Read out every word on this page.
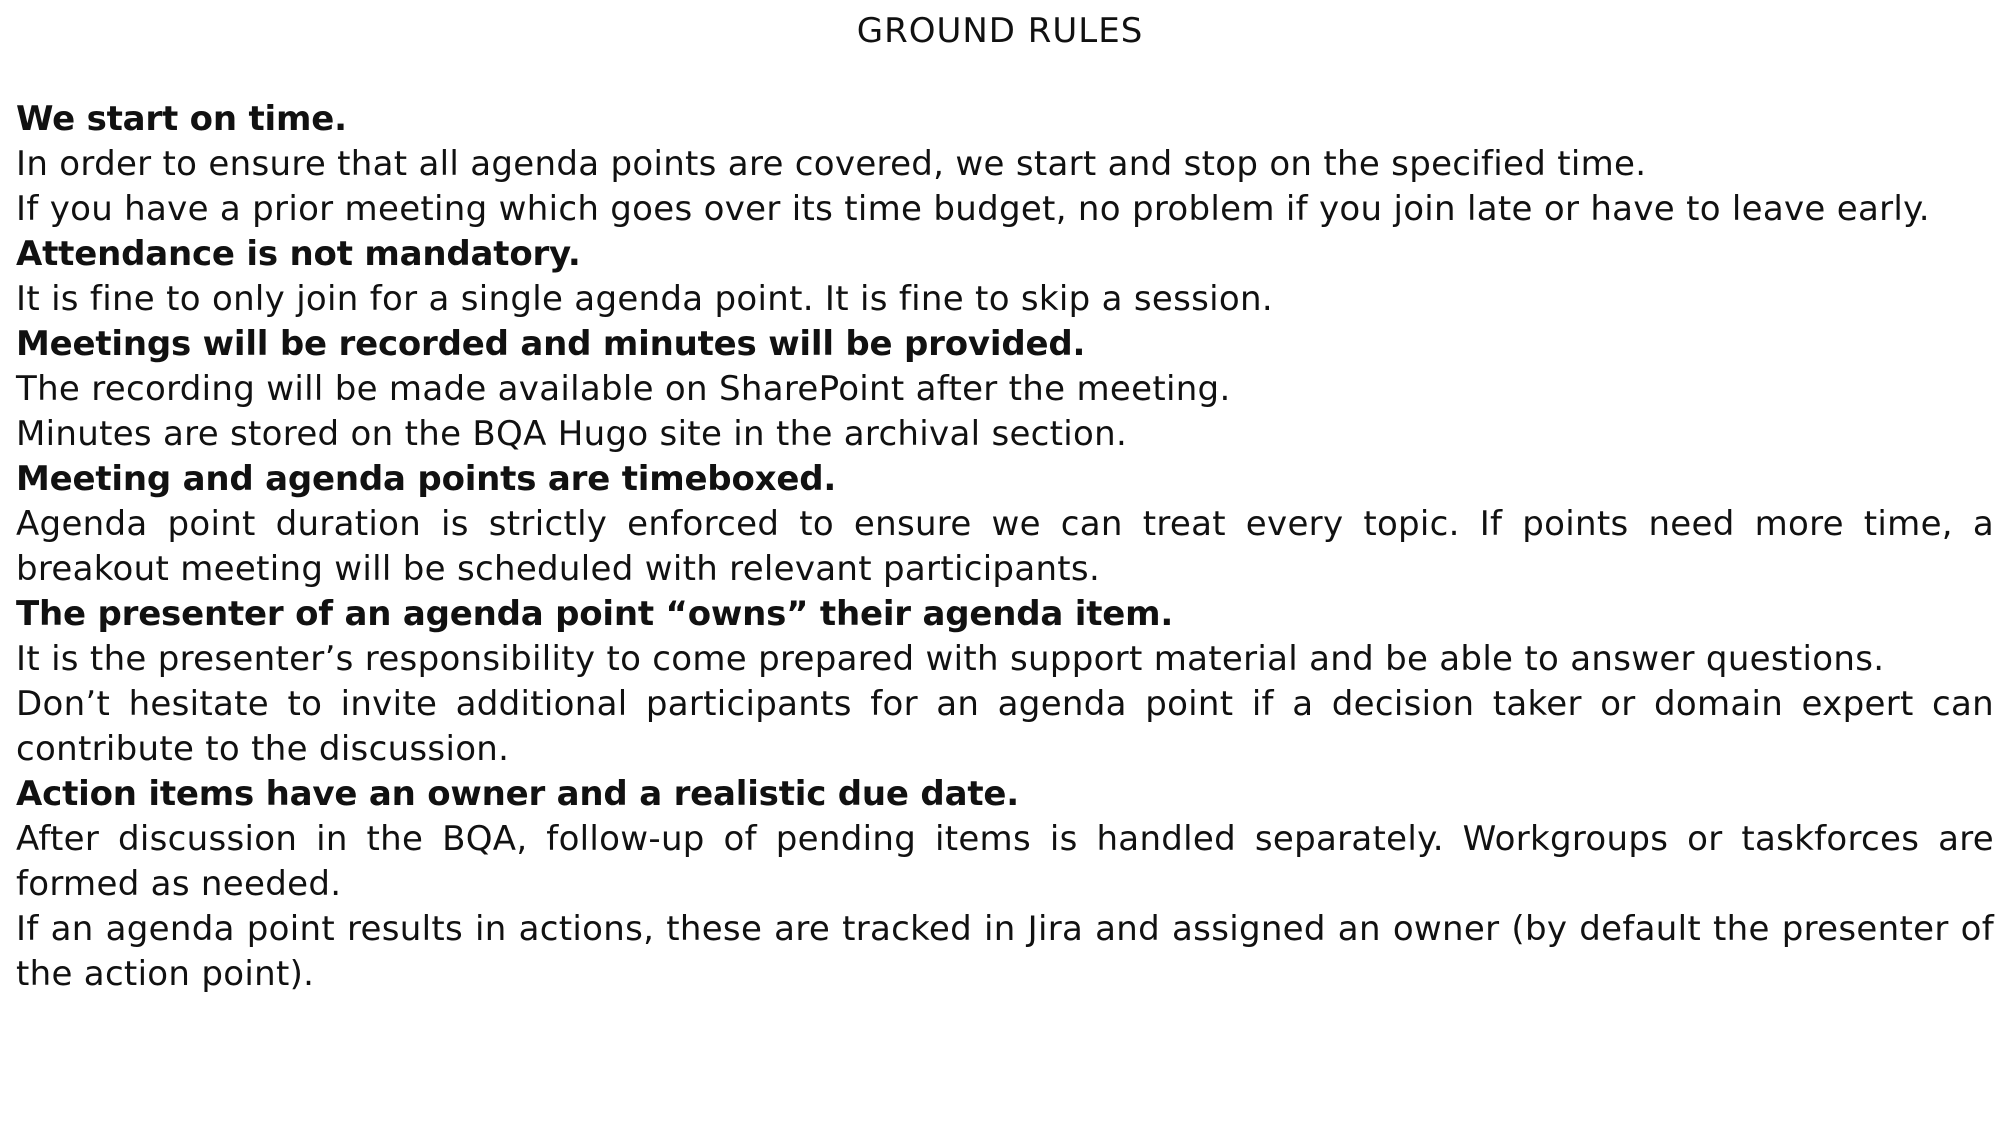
GROUND RULES

We start on time.

In order to ensure that all agenda points are covered, we start and stop on the specified time.

If you have a prior meeting which goes over its time budget, no problem if you join late or have to leave early.

Attendance is not mandatory.

It is fine to only join for a single agenda point. It is fine to skip a session.

Meetings will be recorded and minutes will be provided.

The recording will be made available on SharePoint after the meeting.

Minutes are stored on the BQA Hugo site in the archival section.

Meeting and agenda points are timeboxed.

Agenda point duration is strictly enforced to ensure we can treat every topic. If points need more time, a breakout meeting will be scheduled with relevant participants.

The presenter of an agenda point “owns” their agenda item.

It is the presenter’s responsibility to come prepared with support material and be able to answer questions.

Don’t hesitate to invite additional participants for an agenda point if a decision taker or domain expert can contribute to the discussion.

Action items have an owner and a realistic due date.

After discussion in the BQA, follow-up of pending items is handled separately. Workgroups or taskforces are formed as needed.

If an agenda point results in actions, these are tracked in Jira and assigned an owner (by default the presenter of the action point).
